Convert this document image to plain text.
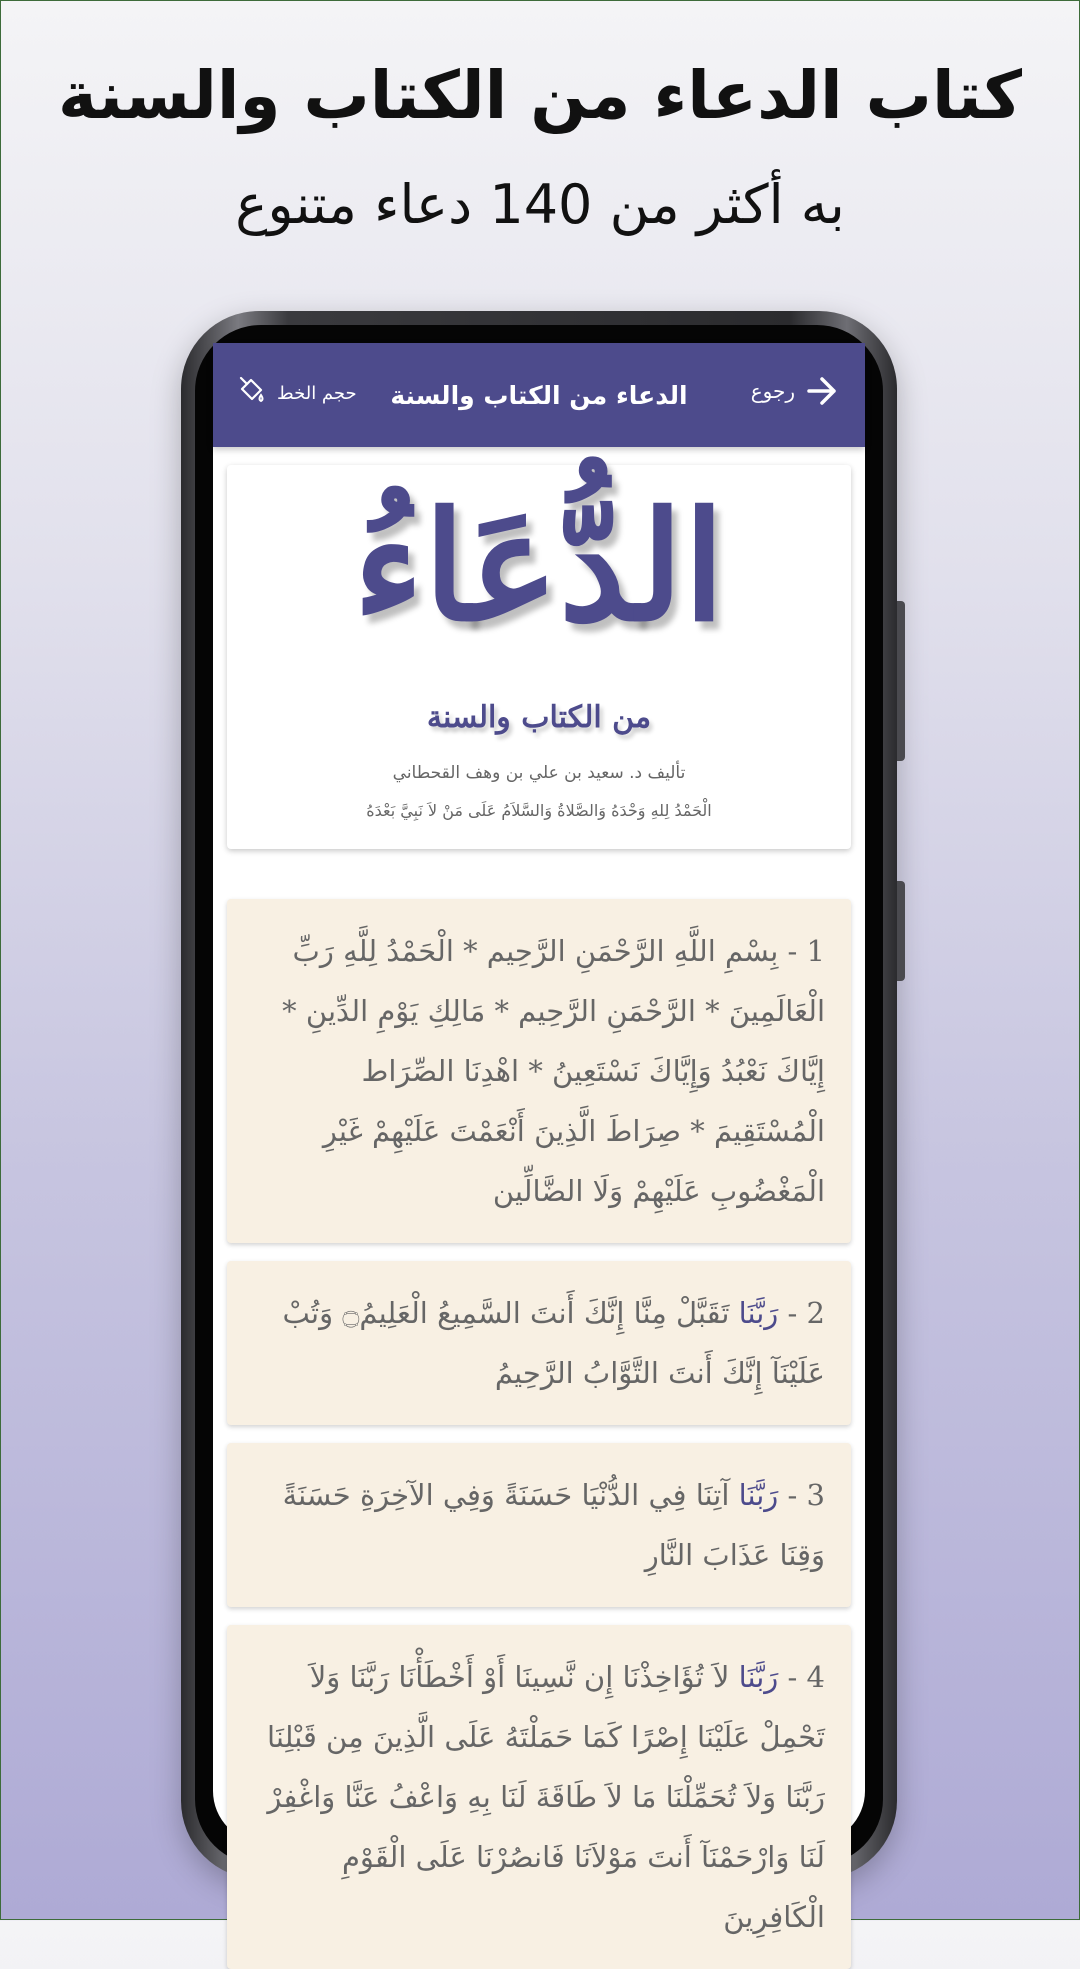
كتاب الدعاء من الكتاب والسنة
به أكثر من 140 دعاء متنوع
رجوع
الدعاء من الكتاب والسنة
حجم الخط
الدُّعَاءُ
من الكتاب والسنة
تأليف د. سعيد بن علي بن وهف القحطاني
الْحَمْدُ لِلهِ وَحْدَهُ وَالصَّلاةُ وَالسَّلاَمُ عَلَى مَنْ لاَ نَبِيَّ بَعْدَهُ
1 - بِسْمِ اللَّهِ الرَّحْمَنِ الرَّحِيم * الْحَمْدُ لِلَّهِ رَبِّ الْعَالَمِينَ * الرَّحْمَنِ الرَّحِيم * مَالِكِ يَوْمِ الدِّينِ * إِيَّاكَ نَعْبُدُ وَإِيَّاكَ نَسْتَعِينُ * اهْدِنَا الصِّرَاط الْمُسْتَقِيمَ * صِرَاطَ الَّذِينَ أَنْعَمْتَ عَلَيْهِمْ غَيْرِ الْمَغْضُوبِ عَلَيْهِمْ وَلَا الضَّالِّين
2 - رَبَّنَا تَقَبَّلْ مِنَّا إِنَّكَ أَنتَ السَّمِيعُ الْعَلِيمُ۝ وَتُبْ عَلَيْنَآ إِنَّكَ أَنتَ التَّوَّابُ الرَّحِيمُ
3 - رَبَّنَا آتِنَا فِي الدُّنْيَا حَسَنَةً وَفِي الآخِرَةِ حَسَنَةً وَقِنَا عَذَابَ النَّارِ
4 - رَبَّنَا لاَ تُؤَاخِذْنَا إِن نَّسِينَا أَوْ أَخْطَأْنَا رَبَّنَا وَلاَ تَحْمِلْ عَلَيْنَا إِصْرًا كَمَا حَمَلْتَهُ عَلَى الَّذِينَ مِن قَبْلِنَا رَبَّنَا وَلاَ تُحَمِّلْنَا مَا لاَ طَاقَةَ لَنَا بِهِ وَاعْفُ عَنَّا وَاغْفِرْ لَنَا وَارْحَمْنَآ أَنتَ مَوْلاَنَا فَانصُرْنَا عَلَى الْقَوْمِ الْكَافِرِينَ
